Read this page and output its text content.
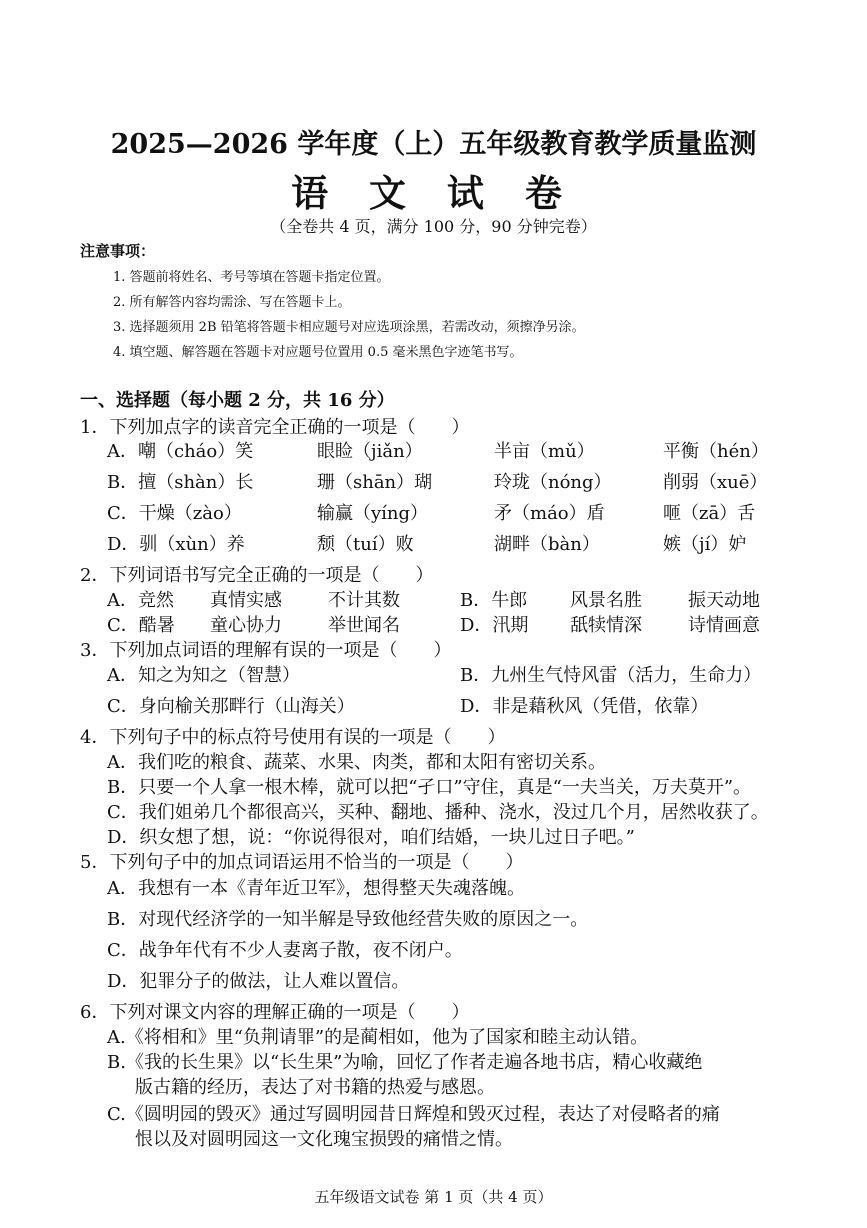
2025—2026 学年度（上）五年级教育教学质量监测
语 文 试 卷
（全卷共 4 页，满分 100 分，90 分钟完卷）
注意事项：
1. 答题前将姓名、考号等填在答题卡指定位置。
2. 所有解答内容均需涂、写在答题卡上。
3. 选择题须用 2B 铅笔将答题卡相应题号对应选项涂黑，若需改动，须擦净另涂。
4. 填空题、解答题在答题卡对应题号位置用 0.5 毫米黑色字迹笔书写。
一、选择题（每小题 2 分，共 16 分）
1．下列加点字的读音完全正确的一项是（　　）
A．嘲（cháo）笑	眼睑（jiǎn）	半亩（mǔ）	平衡（hén）
B．擅（shàn）长	珊（shān）瑚	玲珑（nóng）	削弱（xuē）
C．干燥（zào）	输赢（yíng）	矛（máo）盾	咂（zā）舌
D．驯（xùn）养	颓（tuí）败	湖畔（bàn）	嫉（jí）妒
2．下列词语书写完全正确的一项是（　　）
A．竞然 真情实感	不计其数	B．牛郎 风景名胜	振天动地
C．酷暑 童心协力	举世闻名	D．汛期 舐犊情深	诗情画意
3．下列加点词语的理解有误的一项是（　　）
A．知之为知之（智慧）	B．九州生气恃风雷（活力，生命力）
C．身向榆关那畔行（山海关）	D．非是藉秋风（凭借，依靠）
4．下列句子中的标点符号使用有误的一项是（　　）
A．我们吃的粮食、蔬菜、水果、肉类，都和太阳有密切关系。
B．只要一个人拿一根木棒，就可以把“孑口”守住，真是“一夫当关，万夫莫开”。
C．我们姐弟几个都很高兴，买种、翻地、播种、浇水，没过几个月，居然收获了。
D．织女想了想，说：“你说得很对，咱们结婚，一块儿过日子吧。”
5．下列句子中的加点词语运用不恰当的一项是（　　）
A．我想有一本《青年近卫军》，想得整天失魂落魄。
B．对现代经济学的一知半解是导致他经营失败的原因之一。
C．战争年代有不少人妻离子散，夜不闭户。
D．犯罪分子的做法，让人难以置信。
6．下列对课文内容的理解正确的一项是（　　）
A.《将相和》里“负荆请罪”的是蔺相如，他为了国家和睦主动认错。
B.《我的长生果》以“长生果”为喻，回忆了作者走遍各地书店，精心收藏绝
版古籍的经历，表达了对书籍的热爱与感恩。
C.《圆明园的毁灭》通过写圆明园昔日辉煌和毁灭过程，表达了对侵略者的痛
恨以及对圆明园这一文化瑰宝损毁的痛惜之情。
五年级语文试卷 第 1 页（共 4 页）
